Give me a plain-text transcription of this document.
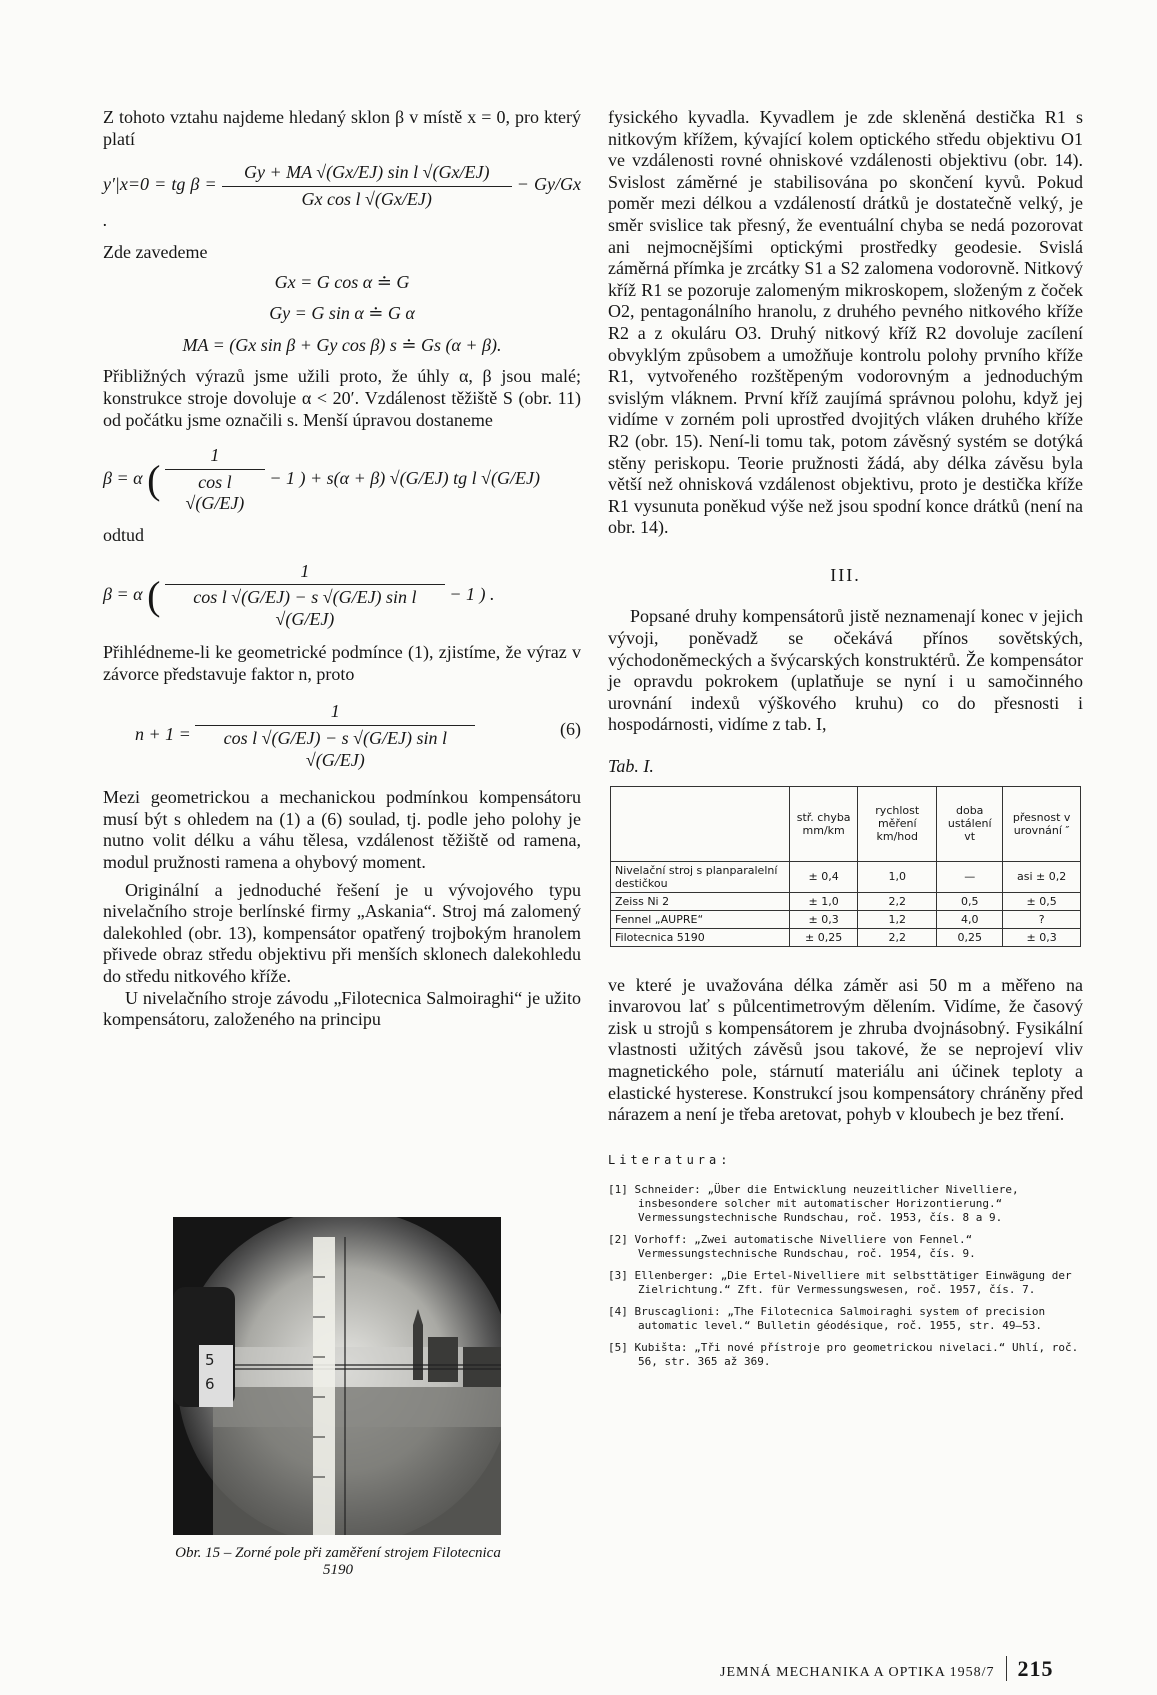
Z tohoto vztahu najdeme hledaný sklon β v místě x = 0, pro který platí

y′|x=0 = tg $\beta = \frac{\text{Gy + MA √(Gx/EJ) sin l √(Gx/EJ)}}{\text{Gx cos l √(Gx/EJ)}} - Gy/Gx$ .

Zde zavedeme

Gx = G cos α ≐ G
Gy = G sin α ≐ G α
MA = (Gx sin β + Gy cos β) s ≐ Gs (α + β).

Přibližných výrazů jsme užili proto, že úhly α, β jsou malé; konstrukce stroje dovoluje α < 20′. Vzdálenost těžiště S (obr. 11) od počátku jsme označili s. Menší úpravou dostaneme

β = α ( $\frac{1}{\text{cos l √(G/EJ)}} - 1$ ) + s(α + β) √(G/EJ) tg l √(G/EJ)

odtud

β = α ( $\frac{1}{\text{cos l √(G/EJ) − s √(G/EJ) sin l √(G/EJ)}} - 1$ ) .

Přihlédneme-li ke geometrické podmínce (1), zjistíme, že výraz v závorce představuje faktor n, proto

$n + 1 = \frac{1}{\text{cos l √(G/EJ) − s √(G/EJ) sin l √(G/EJ)}}$	(6)

Mezi geometrickou a mechanickou podmínkou kompensátoru musí být s ohledem na (1) a (6) soulad, tj. podle jeho polohy je nutno volit délku a váhu tělesa, vzdálenost těžiště od ramena, modul pružnosti ramena a ohybový moment.

Originální a jednoduché řešení je u vývojového typu nivelačního stroje berlínské firmy „Askania“. Stroj má zalomený dalekohled (obr. 13), kompensátor opatřený trojbokým hranolem přivede obraz středu objektivu při menších sklonech dalekohledu do středu nitkového kříže.

U nivelačního stroje závodu „Filotecnica Salmoiraghi“ je užito kompensátoru, založeného na principu

5
6
Obr. 15 – Zorné pole při zaměření strojem Filotecnica 5190

fysického kyvadla. Kyvadlem je zde skleněná destička R1 s nitkovým křížem, kývající kolem optického středu objektivu O1 ve vzdálenosti rovné ohniskové vzdálenosti objektivu (obr. 14). Svislost záměrné je stabilisována po skončení kyvů. Pokud poměr mezi délkou a vzdáleností drátků je dostatečně velký, je směr svislice tak přesný, že eventuální chyba se nedá pozorovat ani nejmocnějšími optickými prostředky geodesie. Svislá záměrná přímka je zrcátky S1 a S2 zalomena vodorovně. Nitkový kříž R1 se pozoruje zalomeným mikroskopem, složeným z čoček O2, pentagonálního hranolu, z druhého pevného nitkového kříže R2 a z okuláru O3. Druhý nitkový kříž R2 dovoluje zacílení obvyklým způsobem a umožňuje kontrolu polohy prvního kříže R1, vytvořeného rozštěpeným vodorovným a jednoduchým svislým vláknem. První kříž zaujímá správnou polohu, když jej vidíme v zorném poli uprostřed dvojitých vláken druhého kříže R2 (obr. 15). Není-li tomu tak, potom závěsný systém se dotýká stěny periskopu. Teorie pružnosti žádá, aby délka závěsu byla větší než ohnisková vzdálenost objektivu, proto je destička kříže R1 vysunuta poněkud výše než jsou spodní konce drátků (není na obr. 14).

III.

Popsané druhy kompensátorů jistě neznamenají konec v jejich vývoji, poněvadž se očekává přínos sovětských, východoněmeckých a švýcarských konstruktérů. Že kompensátor je opravdu pokrokem (uplatňuje se nyní i u samočinného urovnání indexů výškového kruhu) co do přesnosti i hospodárnosti, vidíme z tab. I,

Tab. I.
	stř. chyba mm/km	rychlost měření km/hod	doba ustálení vt	přesnost v urovnání ″
Nivelační stroj s planparalelní destičkou	± 0,4	1,0	—	asi ± 0,2
Zeiss Ni 2	± 1,0	2,2	0,5	± 0,5
Fennel „AUPRE“	± 0,3	1,2	4,0	?
Filotecnica 5190	± 0,25	2,2	0,25	± 0,3

ve které je uvažována délka záměr asi 50 m a měřeno na invarovou lať s půlcentimetrovým dělením. Vidíme, že časový zisk u strojů s kompensátorem je zhruba dvojnásobný. Fysikální vlastnosti užitých závěsů jsou takové, že se neprojeví vliv magnetického pole, stárnutí materiálu ani účinek teploty a elastické hysterese. Konstrukcí jsou kompensátory chráněny před nárazem a není je třeba aretovat, pohyb v kloubech je bez tření.

Literatura:
[1] Schneider: „Über die Entwicklung neuzeitlicher Nivelliere, insbesondere solcher mit automatischer Horizontierung.“ Vermessungstechnische Rundschau, roč. 1953, čís. 8 a 9.
[2] Vorhoff: „Zwei automatische Nivelliere von Fennel.“ Vermessungstechnische Rundschau, roč. 1954, čís. 9.
[3] Ellenberger: „Die Ertel-Nivelliere mit selbsttätiger Einwägung der Zielrichtung.“ Zft. für Vermessungswesen, roč. 1957, čís. 7.
[4] Bruscaglioni: „The Filotecnica Salmoiraghi system of precision automatic level.“ Bulletin géodésique, roč. 1955, str. 49—53.
[5] Kubišta: „Tři nové přístroje pro geometrickou nivelaci.“ Uhlí, roč. 56, str. 365 až 369.
JEMNÁ MECHANIKA A OPTIKA 1958/7 215
